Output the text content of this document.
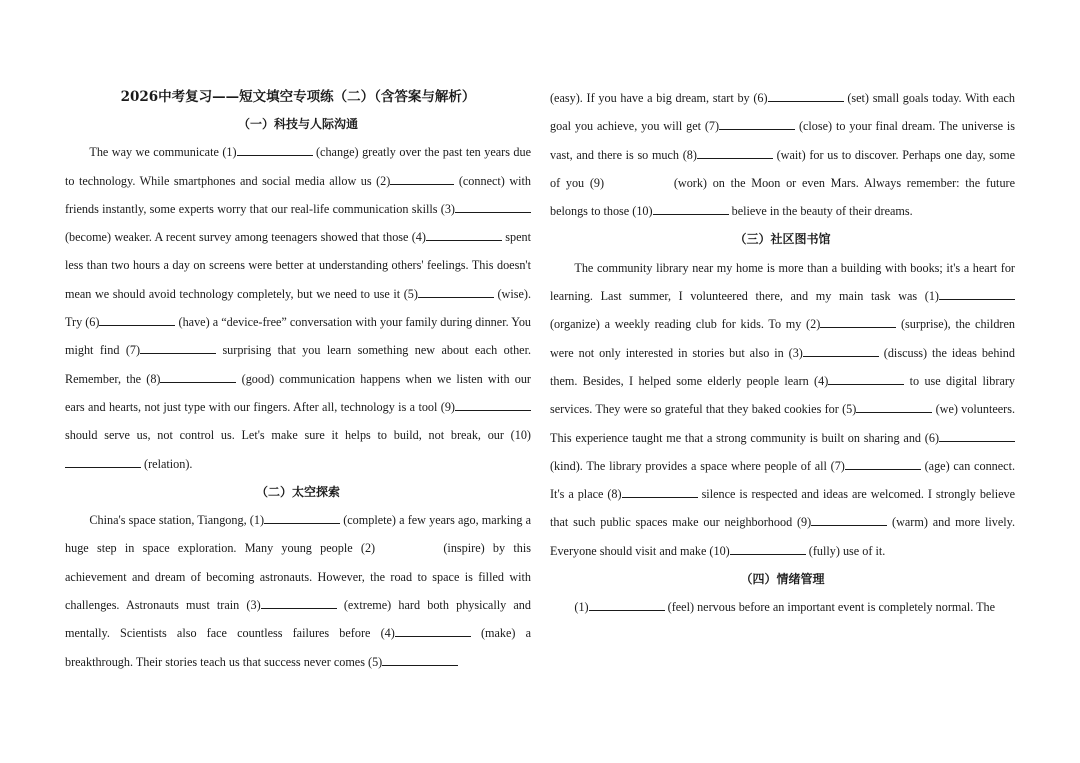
2026中考复习——短文填空专项练（二）（含答案与解析）

（一）科技与人际沟通

The way we communicate (1)	(change) greatly over the past ten years due to technology. While smartphones and social media allow us (2)	(connect) with friends instantly, some experts worry that our real-life communication skills (3) (become) weaker. A recent survey among teenagers showed that those (4)	spent less than two hours a day on screens were better at understanding others' feelings. This doesn't mean we should avoid technology completely, but we need to use it (5)	(wise). Try (6)	(have) a “device-free” conversation with your family during dinner. You might find (7)	surprising that you learn something new about each other. Remember, the (8)	(good) communication happens when we listen with our ears and hearts, not just type with our fingers. After all, technology is a tool (9) should serve us, not control us. Let's make sure it helps to build, not break, our (10) (relation).

（二）太空探索

China's space station, Tiangong, (1)	(complete) a few years ago, marking a huge step in space exploration. Many young people (2)	(inspire) by this achievement and dream of becoming astronauts. However, the road to space is filled with challenges. Astronauts must train (3)	(extreme) hard both physically and mentally. Scientists also face countless failures before (4)	(make) a breakthrough. Their stories teach us that success never comes (5)

(easy). If you have a big dream, start by (6)	(set) small goals today. With each goal you achieve, you will get (7)	(close) to your final dream. The universe is vast, and there is so much (8)	(wait) for us to discover. Perhaps one day, some of you (9)	(work) on the Moon or even Mars. Always remember: the future belongs to those (10)	believe in the beauty of their dreams.

（三）社区图书馆

The community library near my home is more than a building with books; it's a heart for learning. Last summer, I volunteered there, and my main task was (1) (organize) a weekly reading club for kids. To my (2)	(surprise), the children were not only interested in stories but also in (3)	(discuss) the ideas behind them. Besides, I helped some elderly people learn (4)	to use digital library services. They were so grateful that they baked cookies for (5)	(we) volunteers. This experience taught me that a strong community is built on sharing and (6) (kind). The library provides a space where people of all (7)	(age) can connect. It's a place (8)	silence is respected and ideas are welcomed. I strongly believe that such public spaces make our neighborhood (9)	(warm) and more lively. Everyone should visit and make (10)	(fully) use of it.

（四）情绪管理

(1)	(feel) nervous before an important event is completely normal. The
